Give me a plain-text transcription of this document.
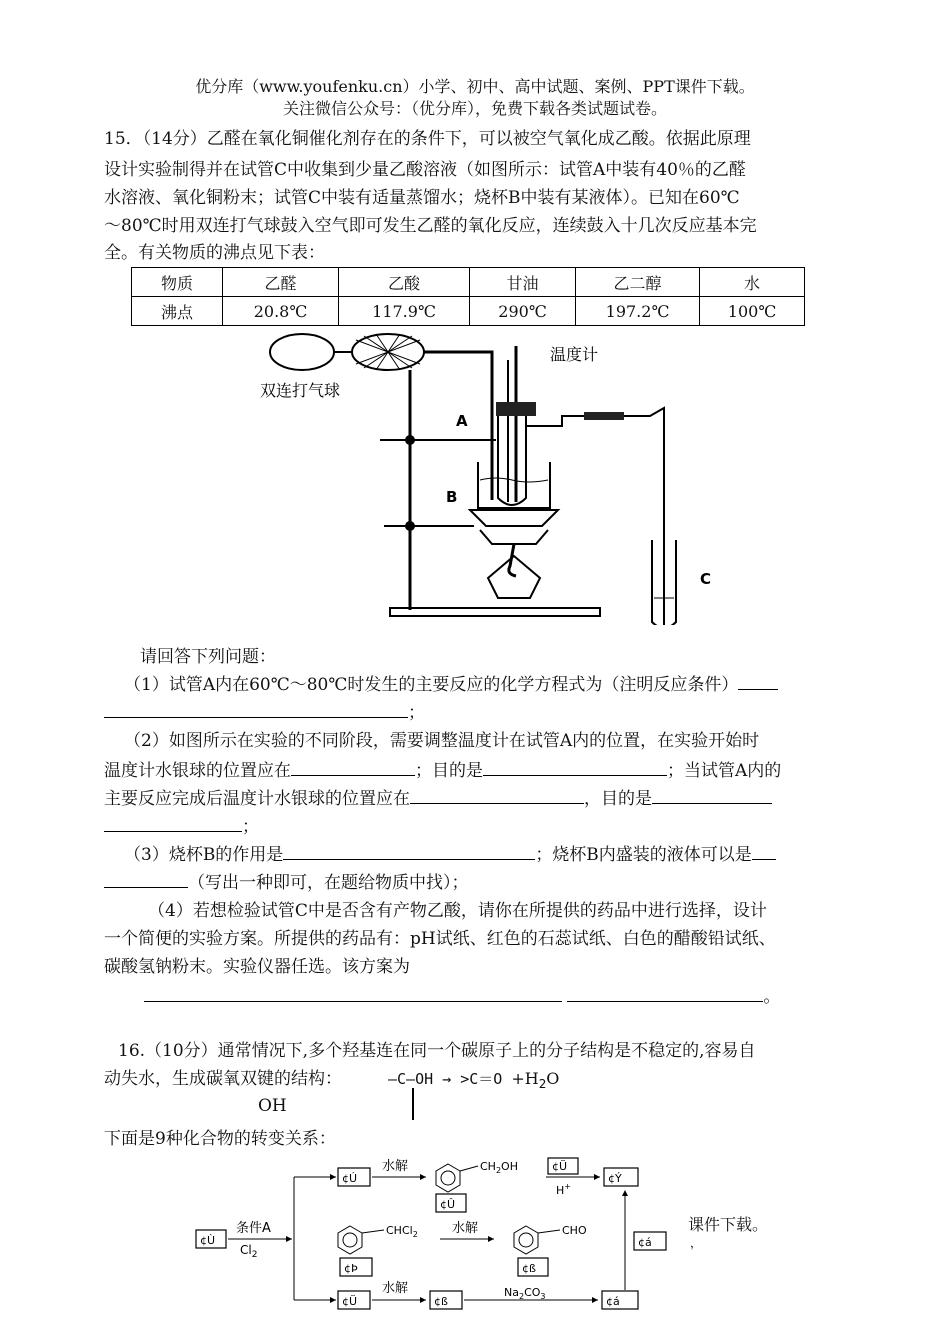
优分库（www.youfenku.cn）小学、初中、高中试题、案例、PPT课件下载。
关注微信公众号：（优分库），免费下载各类试题试卷。
15．（14分）乙醛在氧化铜催化剂存在的条件下，可以被空气氧化成乙酸。依据此原理
设计实验制得并在试管C中收集到少量乙酸溶液（如图所示：试管A中装有40％的乙醛
水溶液、氧化铜粉末；试管C中装有适量蒸馏水；烧杯B中装有某液体）。已知在60℃
～80℃时用双连打气球鼓入空气即可发生乙醛的氧化反应，连续鼓入十几次反应基本完
全。有关物质的沸点见下表：
物质	乙醛	乙酸	甘油	乙二醇	水
沸点	20.8℃	117.9℃	290℃	197.2℃	100℃
双连打气球
温度计
A
C
B
请回答下列问题：
（1）试管A内在60℃～80℃时发生的主要反应的化学方程式为（注明反应条件）
；
（2）如图所示在实验的不同阶段，需要调整温度计在试管A内的位置，在实验开始时
温度计水银球的位置应在	；目的是	；当试管A内的
主要反应完成后温度计水银球的位置应在	，目的是
；
（3）烧杯B的作用是	；烧杯B内盛装的液体可以是
（写出一种即可，在题给物质中找）；
（4）若想检验试管C中是否含有产物乙酸，请你在所提供的药品中进行选择，设计
一个简便的实验方案。所提供的药品有：pH试纸、红色的石蕊试纸、白色的醋酸铅试纸、
碳酸氢钠粉末。实验仪器任选。该方案为
。
16.（10分）通常情况下,多个羟基连在同一个碳原子上的分子结构是不稳定的,容易自
动失水，生成碳氧双键的结构：	—C—OH → $>C=O +H_2O$
OH
下面是9种化合物的转变关系：
¢Ù
条件A
$Cl_2$
¢Ú
水解	$CH_2OH$
¢Û
¢Ü
H+
¢Ý
CHCl$_2$	水解
¢Þ
CHO
¢ß
¢á
¢Ü
水解
¢ß
$Na_2CO_3$	¢á
课件下载。
，
